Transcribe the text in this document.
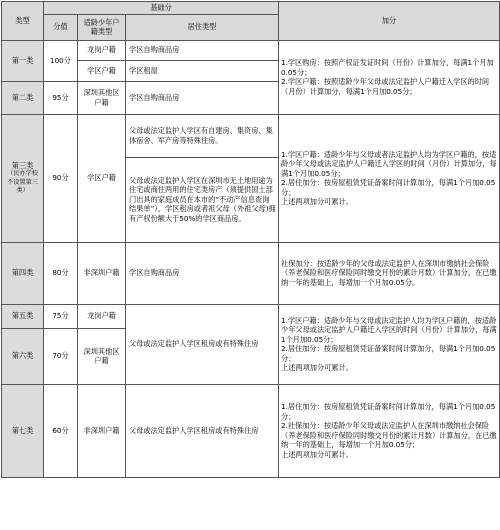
类型	基础分			加分
	分值	适龄少年户籍类型	居住类型	
第一类	100分	龙岗户籍	学区自购商品房	1.学区购房：按照产权证发证时间（月份）计算加分，每满1个月加0.05分；
2.学区户籍：按照适龄少年父母或法定监护人户籍迁入学区的时间（月份）计算加分，每满1个月加0.05分；

		学区户籍	学区租屋	
第二类	95分	深圳其他区户籍	学区自购商品房	

第三类
（民办学校不设置第三类）	90分	学区户籍	父母或法定监护人学区有自建房、集资房、集体宿舍、军产房等特殊住房。	1.学区户籍：适龄少年与父母或者法定监护人均为学区户籍的，按适龄少年父母或法定监护人户籍迁入学区的时间（月份）计算加分，每满1个月加0.05分；
2.居住加分：按房屋租赁凭证备案时间计算加分，每满1个月加0.05分；
上述两项加分可累计。

			父母或法定监护人学区在深圳市无土地用途为住宅或商住两用的住宅类房产（须提供国土部门出具的家庭成员在本市的“不动产信息查询结果单”），学区租房或者祖父母（外祖父母)拥有产权份额大于50%的学区商品房。	
第四类	80分	非深圳户籍	学区自购商品房	社保加分：按适龄少年的父母或法定监护人在深圳市缴纳社会保险（养老保险和医疗保险同时缴交月份的累计月数）计算加分，在已缴纳一年的基础上，每增加一个月加0.05分。
第五类	75分	龙岗户籍	父母或法定监护人学区租房或有特殊住房	1.学区户籍：适龄少年与父母或法定监护人均为学区户籍的，按适龄少年父母或法定监护人户籍迁入学区的时间（月份）计算加分，每满1个月加0.05分；
2.居住加分：按房屋租赁凭证备案时间计算加分，每满1个月加0.05分；
上述两项加分可累计。

第六类	70分	深圳其他区户籍		
第七类	60分	非深圳户籍	父母或法定监护人学区租房或有特殊住房	1.居住加分：按房屋租赁凭证备案时间计算加分，每满1个月加0.05分；
2.社保加分：按适龄少年父母或法定监护人在深圳市缴纳社会保险（养老保险和医疗保险同时缴交月份的累计月数）计算加分，在已缴纳一年的基础上，每增加一个月加0.05分；
上述两项加分可累计。
